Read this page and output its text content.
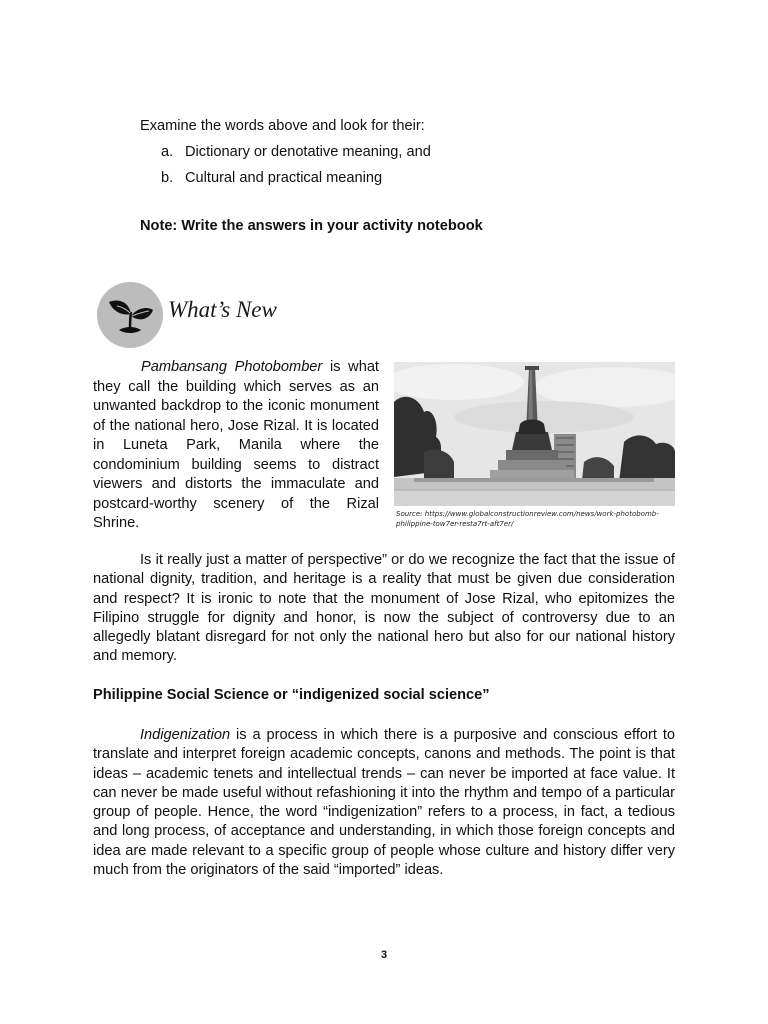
Examine the words above and look for their:

a. Dictionary or denotative meaning, and

b. Cultural and practical meaning

Note: Write the answers in your activity notebook
What’s New
Pambansang Photobomber is what they call the building which serves as an unwanted backdrop to the iconic monument of the national hero, Jose Rizal. It is located in Luneta Park, Manila where the condominium building seems to distract viewers and distorts the immaculate and postcard-worthy scenery of the Rizal Shrine.
Source: https://www.globalconstructionreview.com/news/work-photobomb-philippine-tow7er-resta7rt-aft7er/
Is it really just a matter of perspective” or do we recognize the fact that the issue of national dignity, tradition, and heritage is a reality that must be given due consideration and respect? It is ironic to note that the monument of Jose Rizal, who epitomizes the Filipino struggle for dignity and honor, is now the subject of controversy due to an allegedly blatant disregard for not only the national hero but also for our national history and memory.
Philippine Social Science or “indigenized social science”
Indigenization is a process in which there is a purposive and conscious effort to translate and interpret foreign academic concepts, canons and methods. The point is that ideas – academic tenets and intellectual trends – can never be imported at face value. It can never be made useful without refashioning it into the rhythm and tempo of a particular group of people. Hence, the word “indigenization” refers to a process, in fact, a tedious and long process, of acceptance and understanding, in which those foreign concepts and idea are made relevant to a specific group of people whose culture and history differ very much from the originators of the said “imported” ideas.
3
